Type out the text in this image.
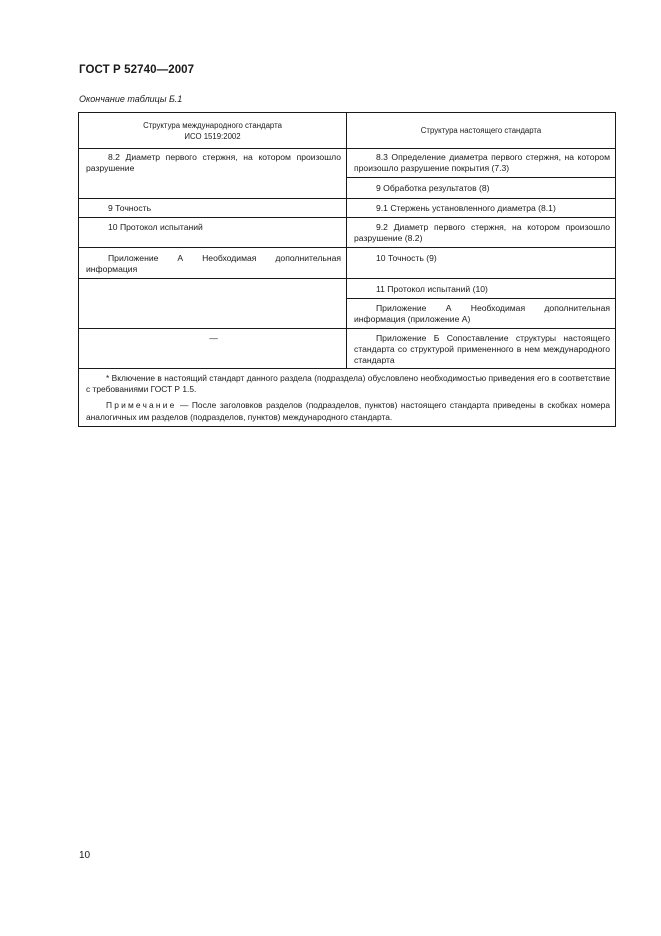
ГОСТ Р 52740—2007
Окончание таблицы Б.1
Структура международного стандарта
ИСО 1519:2002	Структура настоящего стандарта

8.2 Диаметр первого стержня, на котором произошло разрушение	8.3 Определение диаметра первого стержня, на котором произошло разрушение покрытия (7.3)

	9 Обработка результатов (8)

9 Точность	9.1 Стержень установленного диаметра (8.1)

10 Протокол испытаний	9.2 Диаметр первого стержня, на котором произошло разрушение (8.2)

Приложение А Необходимая дополнительная информация	10 Точность (9)

	11 Протокол испытаний (10)

	Приложение А Необходимая дополнительная информация (приложение А)

—	Приложение Б Сопоставление структуры настоящего стандарта со структурой примененного в нем международного стандарта

* Включение в настоящий стандарт данного раздела (подраздела) обусловлено необходимостью приведения его в соответствие с требованиями ГОСТ Р 1.5.

Примечание — После заголовков разделов (подразделов, пунктов) настоящего стандарта приведены в скобках номера аналогичных им разделов (подразделов, пунктов) международного стандарта.	

10
